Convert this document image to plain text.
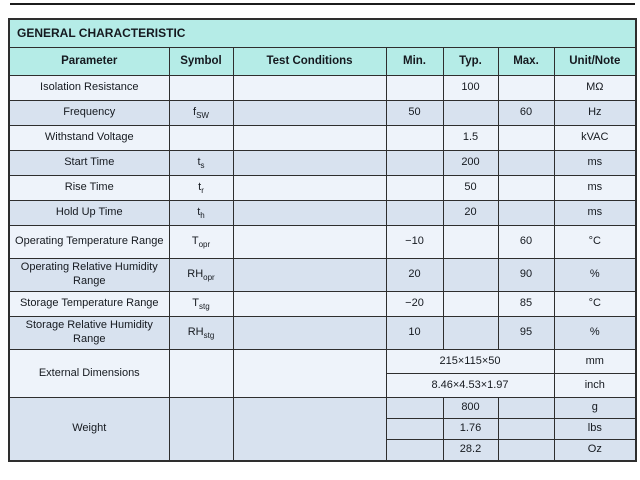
GENERAL CHARACTERISTIC						
Parameter	Symbol	Test Conditions	Min.	Typ.	Max.	Unit/Note
Isolation Resistance				100		MΩ
Frequency	$f_{SW}$		50		60	Hz
Withstand Voltage				1.5		kVAC
Start Time	$t_s$			200		ms
Rise Time	$t_r$			50		ms
Hold Up Time	$t_h$			20		ms
Operating Temperature Range	$T_{opr}$		−10		60	°C
Operating Relative Humidity Range	$RH_{opr}$		20		90	%
Storage Temperature Range	$T_{stg}$		−20		85	°C
Storage Relative Humidity Range	$RH_{stg}$		10		95	%
External Dimensions			215×115×50			mm
			8.46×4.53×1.97			inch
Weight				800		g
				1.76		lbs
				28.2		Oz
